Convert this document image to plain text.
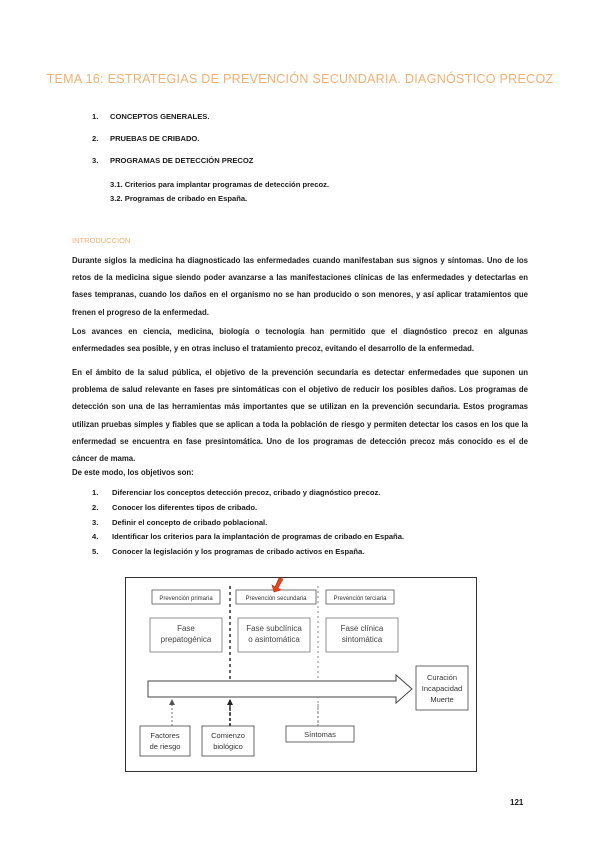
TEMA 16: ESTRATEGIAS DE PREVENCIÓN SECUNDARIA. DIAGNÓSTICO PRECOZ
1. CONCEPTOS GENERALES.
2. PRUEBAS DE CRIBADO.
3. PROGRAMAS DE DETECCIÓN PRECOZ
3.1. Criterios para implantar programas de detección precoz.
3.2. Programas de cribado en España.
INTRODUCCIÓN

Durante siglos la medicina ha diagnosticado las enfermedades cuando manifestaban sus signos y síntomas. Uno de los retos de la medicina sigue siendo poder avanzarse a las manifestaciones clínicas de las enfermedades y detectarlas en fases tempranas, cuando los daños en el organismo no se han producido o son menores, y así aplicar tratamientos que frenen el progreso de la enfermedad.

Los avances en ciencia, medicina, biología o tecnología han permitido que el diagnóstico precoz en algunas enfermedades sea posible, y en otras incluso el tratamiento precoz, evitando el desarrollo de la enfermedad.

En el ámbito de la salud pública, el objetivo de la prevención secundaria es detectar enfermedades que suponen un problema de salud relevante en fases pre sintomáticas con el objetivo de reducir los posibles daños. Los programas de detección son una de las herramientas más importantes que se utilizan en la prevención secundaria. Estos programas utilizan pruebas simples y fiables que se aplican a toda la población de riesgo y permiten detectar los casos en los que la enfermedad se encuentra en fase presintomática. Uno de los programas de detección precoz más conocido es el de cáncer de mama.

De este modo, los objetivos son:
1. Diferenciar los conceptos detección precoz, cribado y diagnóstico precoz.
2. Conocer los diferentes tipos de cribado.
3. Definir el concepto de cribado poblacional.
4. Identificar los criterios para la implantación de programas de cribado en España.
5. Conocer la legislación y los programas de cribado activos en España.
Prevención primaria	Prevención secundaria	Prevención terciaria
Fase
prepatogénica
Fase subclínica
o asintomática
Fase clínica
sintomática
Curación
Incapacidad
Muerte
Factores
de riesgo
Comienzo
biológico
Síntomas
121
